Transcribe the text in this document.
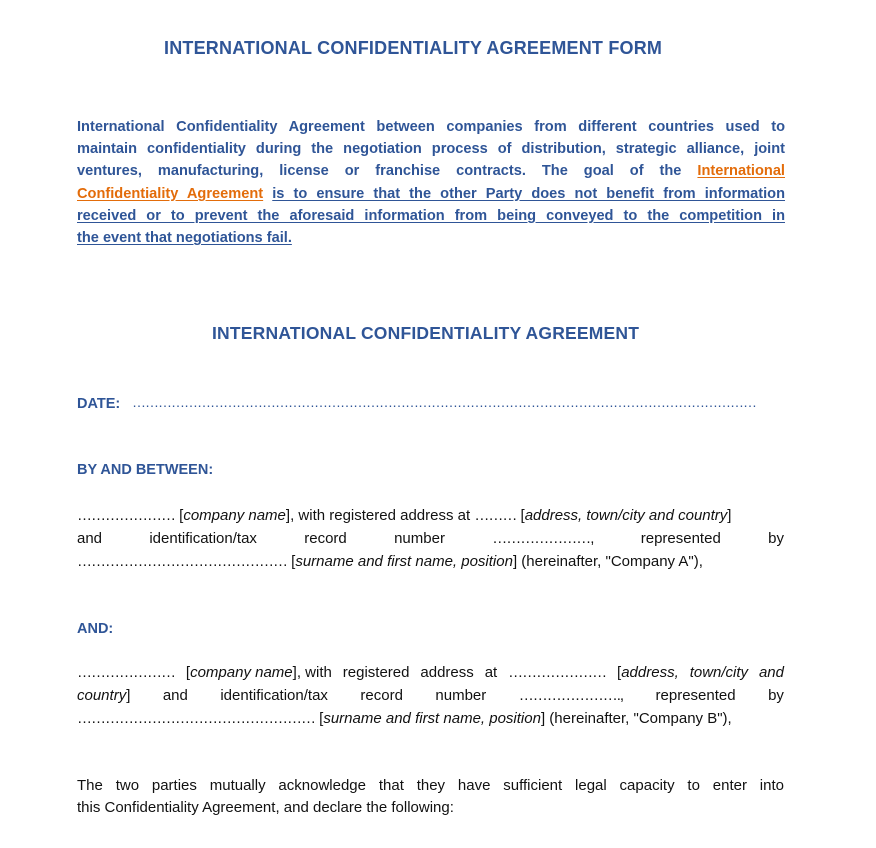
INTERNATIONAL CONFIDENTIALITY AGREEMENT FORM
International Confidentiality Agreement between companies from different countries used to
maintain confidentiality during the negotiation process of distribution, strategic alliance, joint
ventures, manufacturing, license or franchise contracts. The goal of the International
Confidentiality Agreement is to ensure that the other Party does not benefit from information
received or to prevent the aforesaid information from being conveyed to the competition in
the event that negotiations fail.
INTERNATIONAL CONFIDENTIALITY AGREEMENT
DATE: ………………………………………………………………………………………………………………………………
BY AND BETWEEN:
………………… [company name], with registered address at ……… [address, town/city and country]
and	identification/tax	record	number	…………………,	represented	by
……………………………………… [surname and first name, position] (hereinafter, "Company A"),
AND:
………………… [company name], with registered address at ………………… [address, town/city and
country] and identification/tax record number …………………., represented by
…………………………………………… [surname and first name, position] (hereinafter, "Company B"),
The two parties mutually acknowledge that they have sufficient legal capacity to enter into
this Confidentiality Agreement, and declare the following:
